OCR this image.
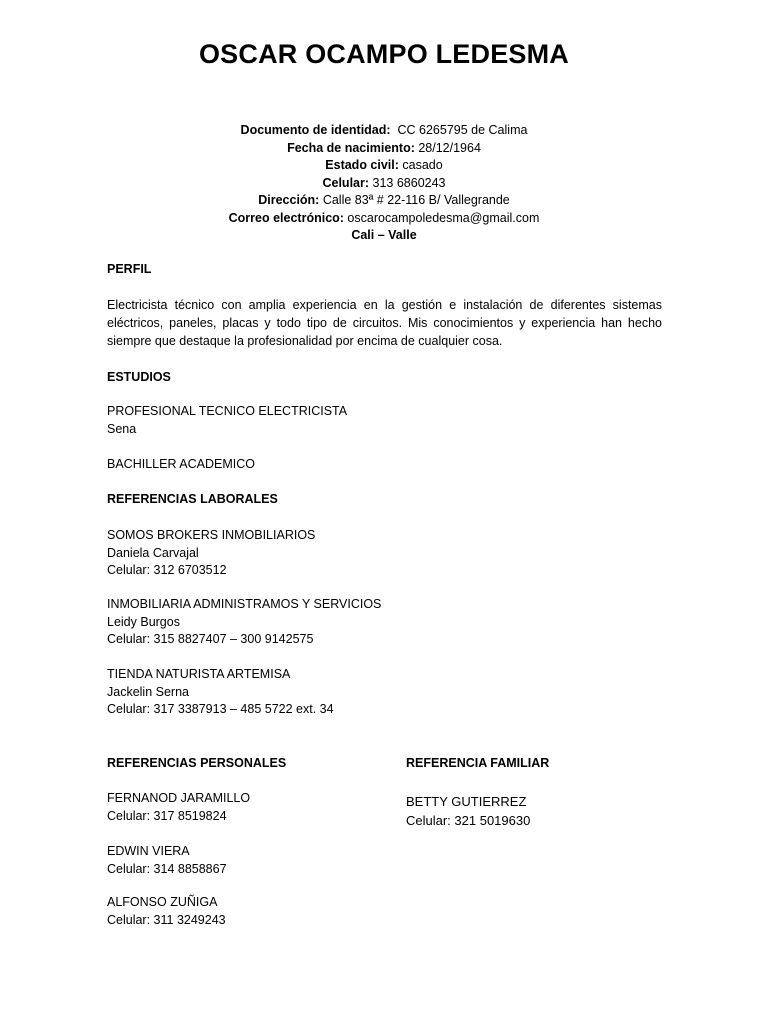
OSCAR OCAMPO LEDESMA
Documento de identidad:  CC 6265795 de Calima
Fecha de nacimiento: 28/12/1964
Estado civil: casado
Celular: 313 6860243
Dirección: Calle 83ª # 22-116 B/ Vallegrande
Correo electrónico: oscarocampoledesma@gmail.com
Cali – Valle
PERFIL
Electricista técnico con amplia experiencia en la gestión e instalación de diferentes sistemas eléctricos, paneles, placas y todo tipo de circuitos. Mis conocimientos y experiencia han hecho siempre que destaque la profesionalidad por encima de cualquier cosa.
ESTUDIOS
PROFESIONAL TECNICO ELECTRICISTA
Sena
BACHILLER ACADEMICO
REFERENCIAS LABORALES
SOMOS BROKERS INMOBILIARIOS
Daniela Carvajal
Celular: 312 6703512
INMOBILIARIA ADMINISTRAMOS Y SERVICIOS
Leidy Burgos
Celular: 315 8827407 – 300 9142575
TIENDA NATURISTA ARTEMISA
Jackelin Serna
Celular: 317 3387913 – 485 5722 ext. 34
REFERENCIAS PERSONALES
FERNANOD JARAMILLO
Celular: 317 8519824
EDWIN VIERA
Celular: 314 8858867
ALFONSO ZUÑIGA
Celular: 311 3249243
REFERENCIA FAMILIAR
BETTY GUTIERREZ
Celular: 321 5019630
